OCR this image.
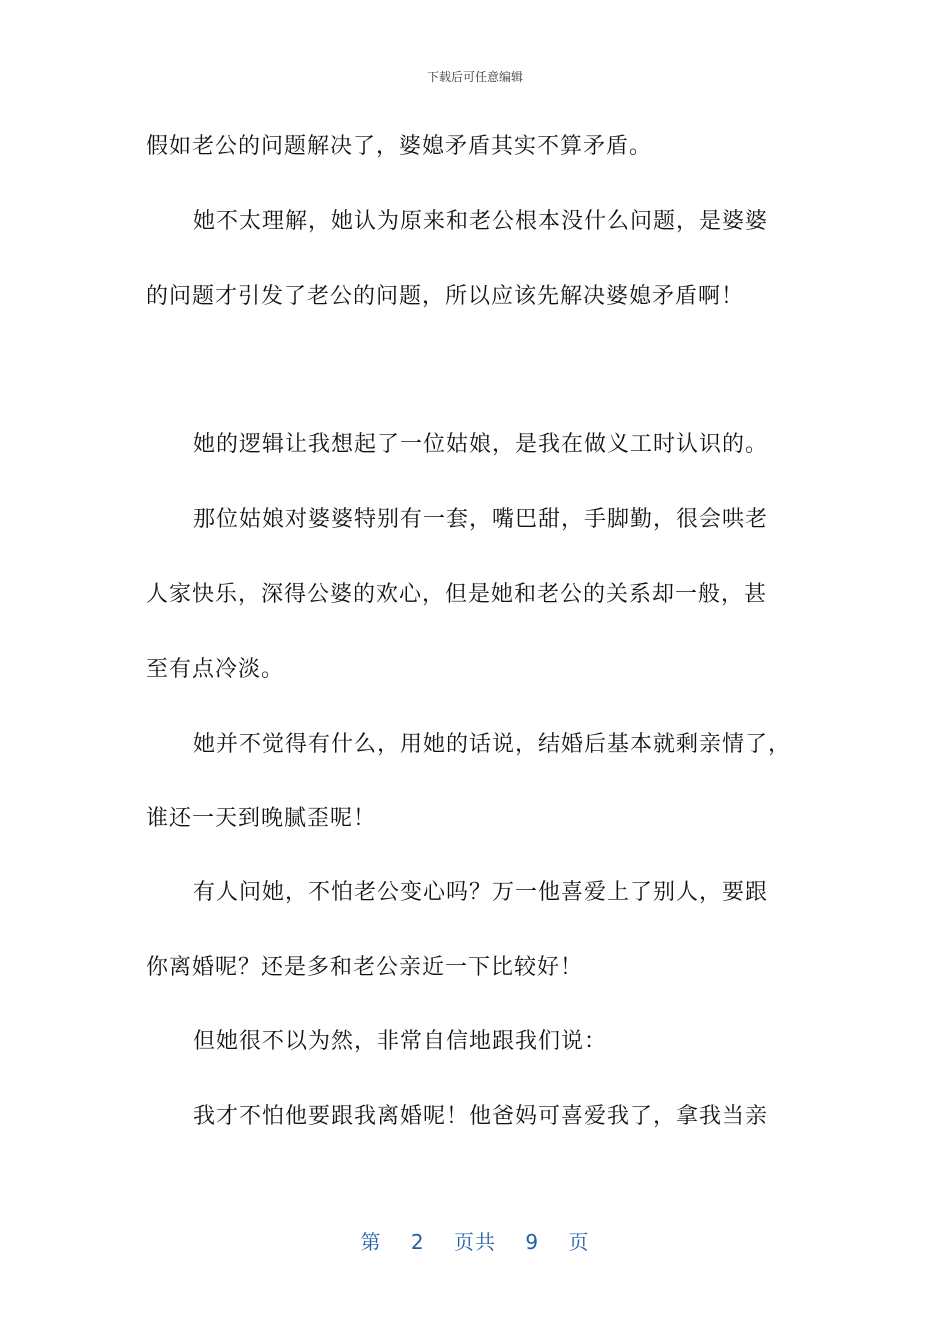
下载后可任意编辑
假如老公的问题解决了，婆媳矛盾其实不算矛盾。
她不太理解，她认为原来和老公根本没什么问题，是婆婆
的问题才引发了老公的问题，所以应该先解决婆媳矛盾啊！
她的逻辑让我想起了一位姑娘，是我在做义工时认识的。
那位姑娘对婆婆特别有一套，嘴巴甜，手脚勤，很会哄老
人家快乐，深得公婆的欢心，但是她和老公的关系却一般，甚
至有点冷淡。
她并不觉得有什么，用她的话说，结婚后基本就剩亲情了，
谁还一天到晚腻歪呢！
有人问她，不怕老公变心吗？万一他喜爱上了别人，要跟
你离婚呢？还是多和老公亲近一下比较好！
但她很不以为然，非常自信地跟我们说：
我才不怕他要跟我离婚呢！他爸妈可喜爱我了，拿我当亲
第 2 页共 9 页
